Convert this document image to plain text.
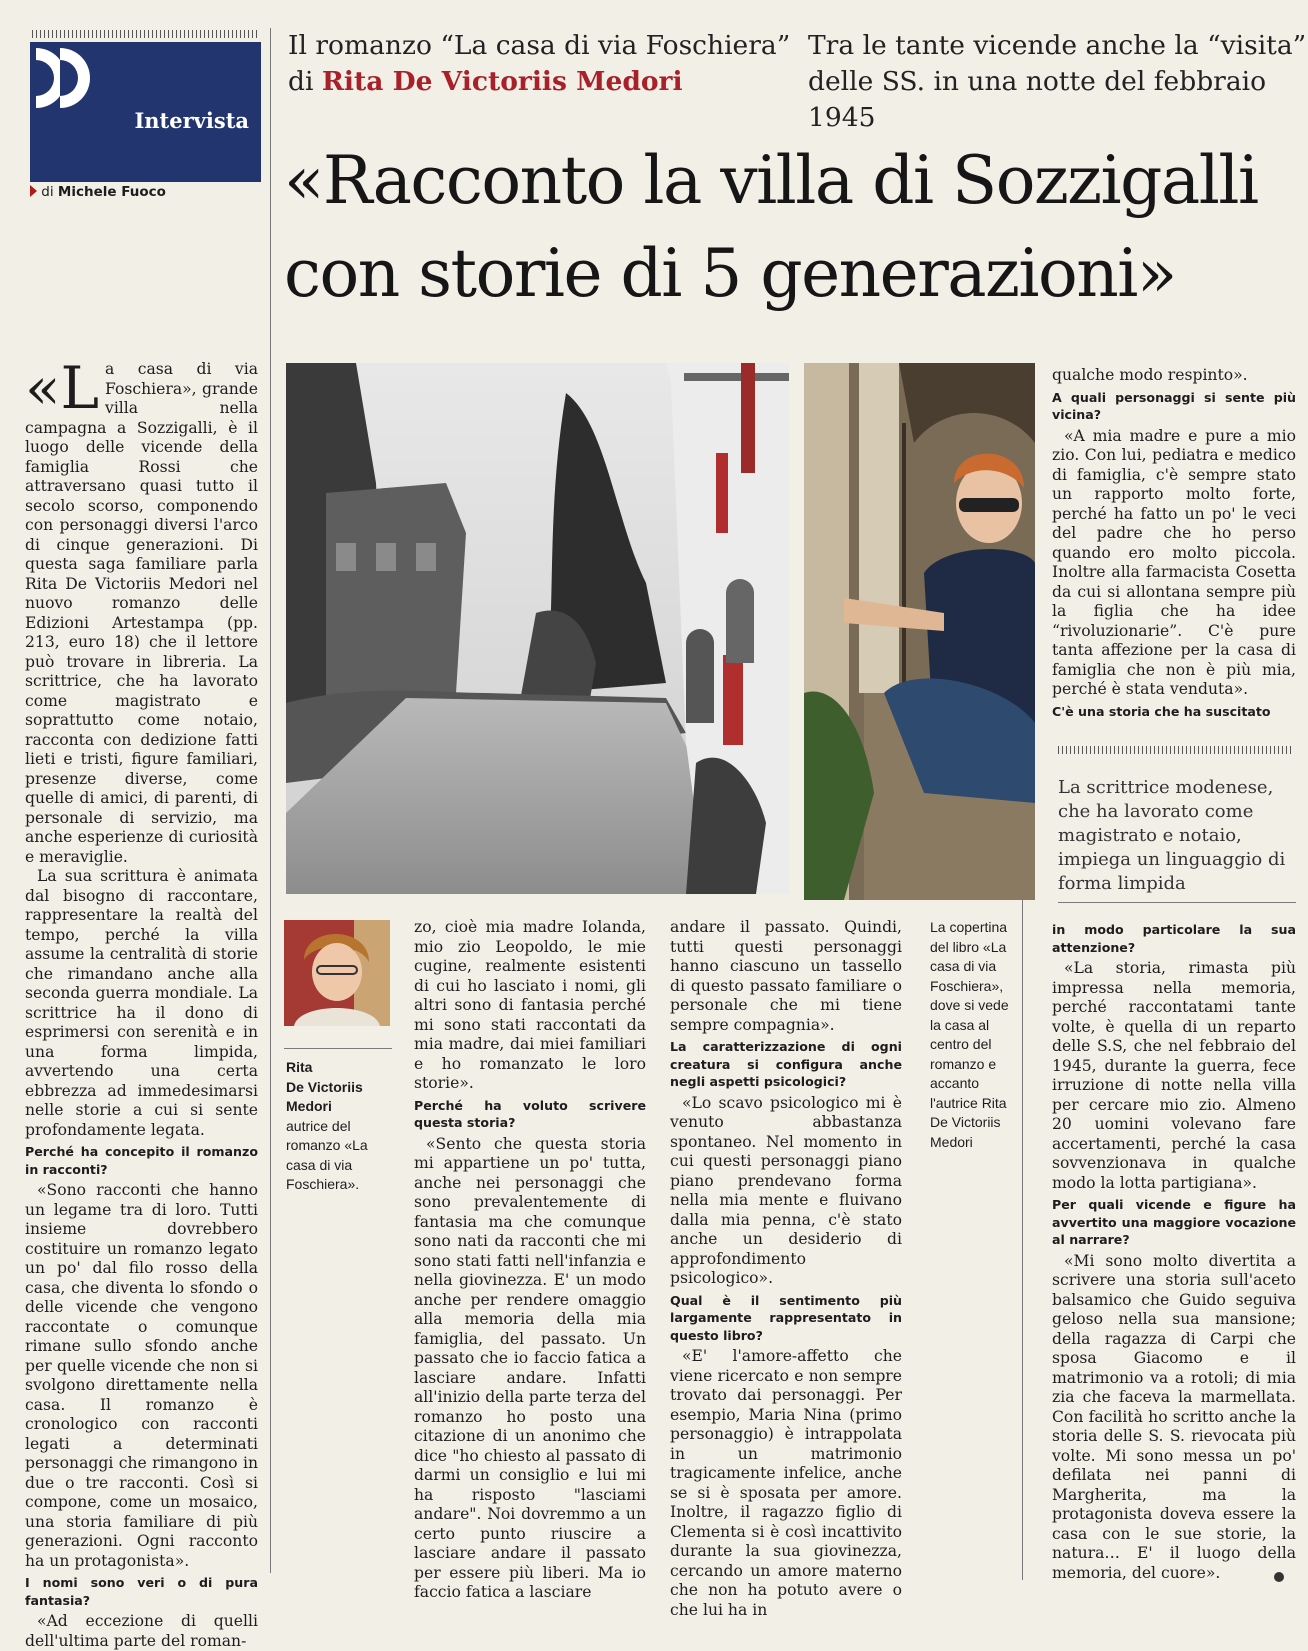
Intervista
di Michele Fuoco
Il romanzo “La casa di via Foschiera”
di Rita De Victoriis Medori
Tra le tante vicende anche la “visita”
delle SS. in una notte del febbraio 1945
«Racconto la villa di Sozzigalli
con storie di 5 generazioni»
«L a casa di via Foschiera», grande villa nella campagna a Sozzigalli, è il luogo delle vicende della famiglia Rossi che attraversano quasi tutto il secolo scorso, componendo con personaggi diversi l'arco di cinque generazioni. Di questa saga familiare parla Rita De Victoriis Medori nel nuovo romanzo delle Edizioni Artestampa (pp. 213, euro 18) che il lettore può trovare in libreria. La scrittrice, che ha lavorato come magistrato e soprattutto come notaio, racconta con dedizione fatti lieti e tristi, figure familiari, presenze diverse, come quelle di amici, di parenti, di personale di servizio, ma anche esperienze di curiosità e meraviglie.

La sua scrittura è animata dal bisogno di raccontare, rappresentare la realtà del tempo, perché la villa assume la centralità di storie che rimandano anche alla seconda guerra mondiale. La scrittrice ha il dono di esprimersi con serenità e in una forma limpida, avvertendo una certa ebbrezza ad immedesimarsi nelle storie a cui si sente profondamente legata.

Perché ha concepito il romanzo in racconti?

«Sono racconti che hanno un legame tra di loro. Tutti insieme dovrebbero costituire un romanzo legato un po' dal filo rosso della casa, che diventa lo sfondo o delle vicende che vengono raccontate o comunque rimane sullo sfondo anche per quelle vicende che non si svolgono direttamente nella casa. Il romanzo è cronologico con racconti legati a determinati personaggi che rimangono in due o tre racconti. Così si compone, come un mosaico, una storia familiare di più generazioni. Ogni racconto ha un protagonista».

I nomi sono veri o di pura fantasia?

«Ad eccezione di quelli dell'ultima parte del roman-

Rita
De Victoriis
Medori
autrice del romanzo «La casa di via Foschiera».

zo, cioè mia madre Iolanda, mio zio Leopoldo, le mie cugine, realmente esistenti di cui ho lasciato i nomi, gli altri sono di fantasia perché mi sono stati raccontati da mia madre, dai miei familiari e ho romanzato le loro storie».

Perché ha voluto scrivere questa storia?

«Sento che questa storia mi appartiene un po' tutta, anche nei personaggi che sono prevalentemente di fantasia ma che comunque sono nati da racconti che mi sono stati fatti nell'infanzia e nella giovinezza. E' un modo anche per rendere omaggio alla memoria della mia famiglia, del passato. Un passato che io faccio fatica a lasciare andare. Infatti all'inizio della parte terza del romanzo ho posto una citazione di un anonimo che dice "ho chiesto al passato di darmi un consiglio e lui mi ha risposto "lasciami andare". Noi dovremmo a un certo punto riuscire a lasciare andare il passato per essere più liberi. Ma io faccio fatica a lasciare

andare il passato. Quindi, tutti questi personaggi hanno ciascuno un tassello di questo passato familiare o personale che mi tiene sempre compagnia».

La caratterizzazione di ogni creatura si configura anche negli aspetti psicologici?

«Lo scavo psicologico mi è venuto abbastanza spontaneo. Nel momento in cui questi personaggi piano piano prendevano forma nella mia mente e fluivano dalla mia penna, c'è stato anche un desiderio di approfondimento psicologico».

Qual è il sentimento più largamente rappresentato in questo libro?

«E' l'amore-affetto che viene ricercato e non sempre trovato dai personaggi. Per esempio, Maria Nina (primo personaggio) è intrappolata in un matrimonio tragicamente infelice, anche se si è sposata per amore. Inoltre, il ragazzo figlio di Clementa si è così incattivito durante la sua giovinezza, cercando un amore materno che non ha potuto avere o che lui ha in

La copertina del libro «La casa di via Foschiera», dove si vede la casa al centro del romanzo e accanto l'autrice Rita De Victoriis Medori

qualche modo respinto».

A quali personaggi si sente più vicina?

«A mia madre e pure a mio zio. Con lui, pediatra e medico di famiglia, c'è sempre stato un rapporto molto forte, perché ha fatto un po' le veci del padre che ho perso quando ero molto piccola. Inoltre alla farmacista Cosetta da cui si allontana sempre più la figlia che ha idee “rivoluzionarie”. C'è pure tanta affezione per la casa di famiglia che non è più mia, perché è stata venduta».

C'è una storia che ha suscitato

La scrittrice modenese, che ha lavorato come magistrato e notaio, impiega un linguaggio di forma limpida

in modo particolare la sua attenzione?

«La storia, rimasta più impressa nella memoria, perché raccontatami tante volte, è quella di un reparto delle S.S, che nel febbraio del 1945, durante la guerra, fece irruzione di notte nella villa per cercare mio zio. Almeno 20 uomini volevano fare accertamenti, perché la casa sovvenzionava in qualche modo la lotta partigiana».

Per quali vicende e figure ha avvertito una maggiore vocazione al narrare?

«Mi sono molto divertita a scrivere una storia sull'aceto balsamico che Guido seguiva geloso nella sua mansione; della ragazza di Carpi che sposa Giacomo e il matrimonio va a rotoli; di mia zia che faceva la marmellata. Con facilità ho scritto anche la storia delle S. S. rievocata più volte. Mi sono messa un po' defilata nei panni di Margherita, ma la protagonista doveva essere la casa con le sue storie, la natura… E' il luogo della memoria, del cuore».
